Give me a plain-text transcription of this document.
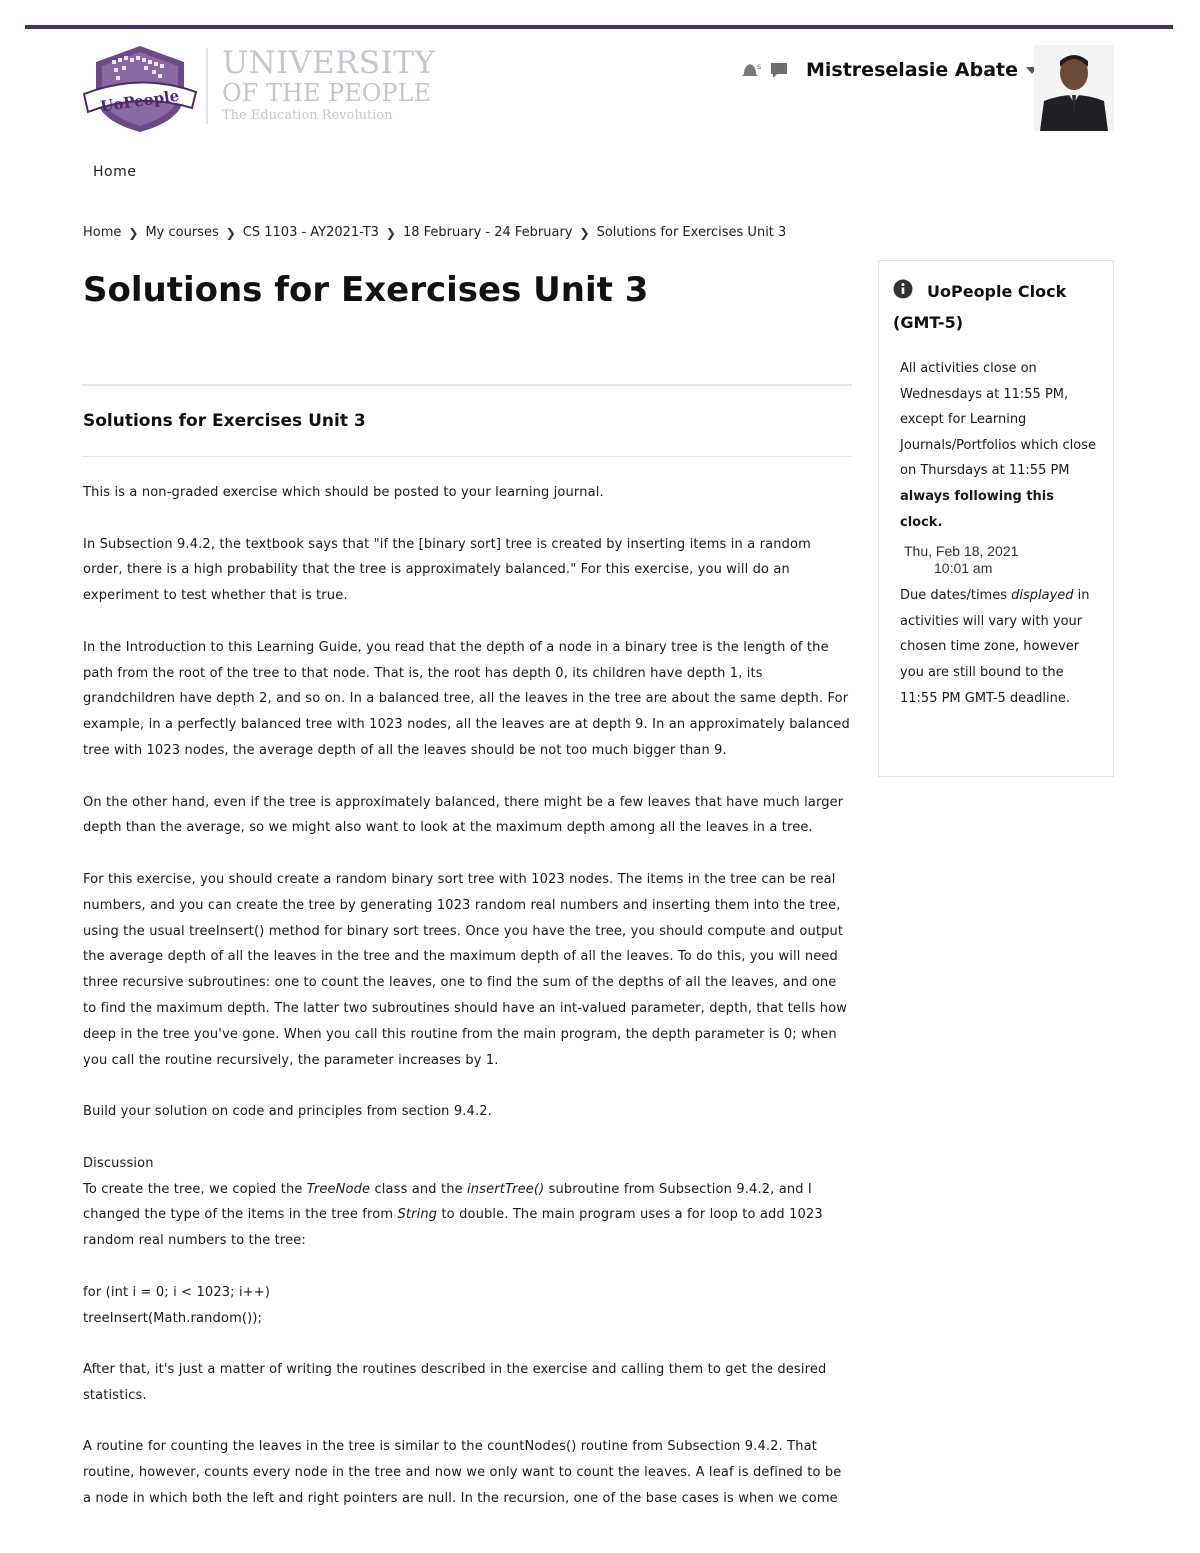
UoPeople
UNIVERSITY
OF THE PEOPLE
The Education Revolution
s Mistreselasie Abate
Home
Home ❯ My courses ❯ CS 1103 - AY2021-T3 ❯ 18 February - 24 February ❯ Solutions for Exercises Unit 3
Solutions for Exercises Unit 3
Solutions for Exercises Unit 3

This is a non-graded exercise which should be posted to your learning journal.

In Subsection 9.4.2, the textbook says that "if the [binary sort] tree is created by inserting items in a random order, there is a high probability that the tree is approximately balanced." For this exercise, you will do an experiment to test whether that is true.

In the Introduction to this Learning Guide, you read that the depth of a node in a binary tree is the length of the path from the root of the tree to that node. That is, the root has depth 0, its children have depth 1, its grandchildren have depth 2, and so on. In a balanced tree, all the leaves in the tree are about the same depth. For example, in a perfectly balanced tree with 1023 nodes, all the leaves are at depth 9. In an approximately balanced tree with 1023 nodes, the average depth of all the leaves should be not too much bigger than 9.

On the other hand, even if the tree is approximately balanced, there might be a few leaves that have much larger depth than the average, so we might also want to look at the maximum depth among all the leaves in a tree.

For this exercise, you should create a random binary sort tree with 1023 nodes. The items in the tree can be real numbers, and you can create the tree by generating 1023 random real numbers and inserting them into the tree, using the usual treeInsert() method for binary sort trees. Once you have the tree, you should compute and output the average depth of all the leaves in the tree and the maximum depth of all the leaves. To do this, you will need three recursive subroutines: one to count the leaves, one to find the sum of the depths of all the leaves, and one to find the maximum depth. The latter two subroutines should have an int-valued parameter, depth, that tells how deep in the tree you've gone. When you call this routine from the main program, the depth parameter is 0; when you call the routine recursively, the parameter increases by 1.

Build your solution on code and principles from section 9.4.2.

Discussion
To create the tree, we copied the TreeNode class and the insertTree() subroutine from Subsection 9.4.2, and I changed the type of the items in the tree from String to double. The main program uses a for loop to add 1023 random real numbers to the tree:

for (int i = 0; i < 1023; i++)
treeInsert(Math.random());

After that, it's just a matter of writing the routines described in the exercise and calling them to get the desired statistics.

A routine for counting the leaves in the tree is similar to the countNodes() routine from Subsection 9.4.2. That routine, however, counts every node in the tree and now we only want to count the leaves. A leaf is defined to be a node in which both the left and right pointers are null. In the recursion, one of the base cases is when we come

UoPeople Clock (GMT-5)
All activities close on Wednesdays at 11:55 PM, except for Learning Journals/Portfolios which close on Thursdays at 11:55 PM always following this clock.
Thu, Feb 18, 2021
10:01 am
Due dates/times displayed in activities will vary with your chosen time zone, however you are still bound to the 11:55 PM GMT-5 deadline.
